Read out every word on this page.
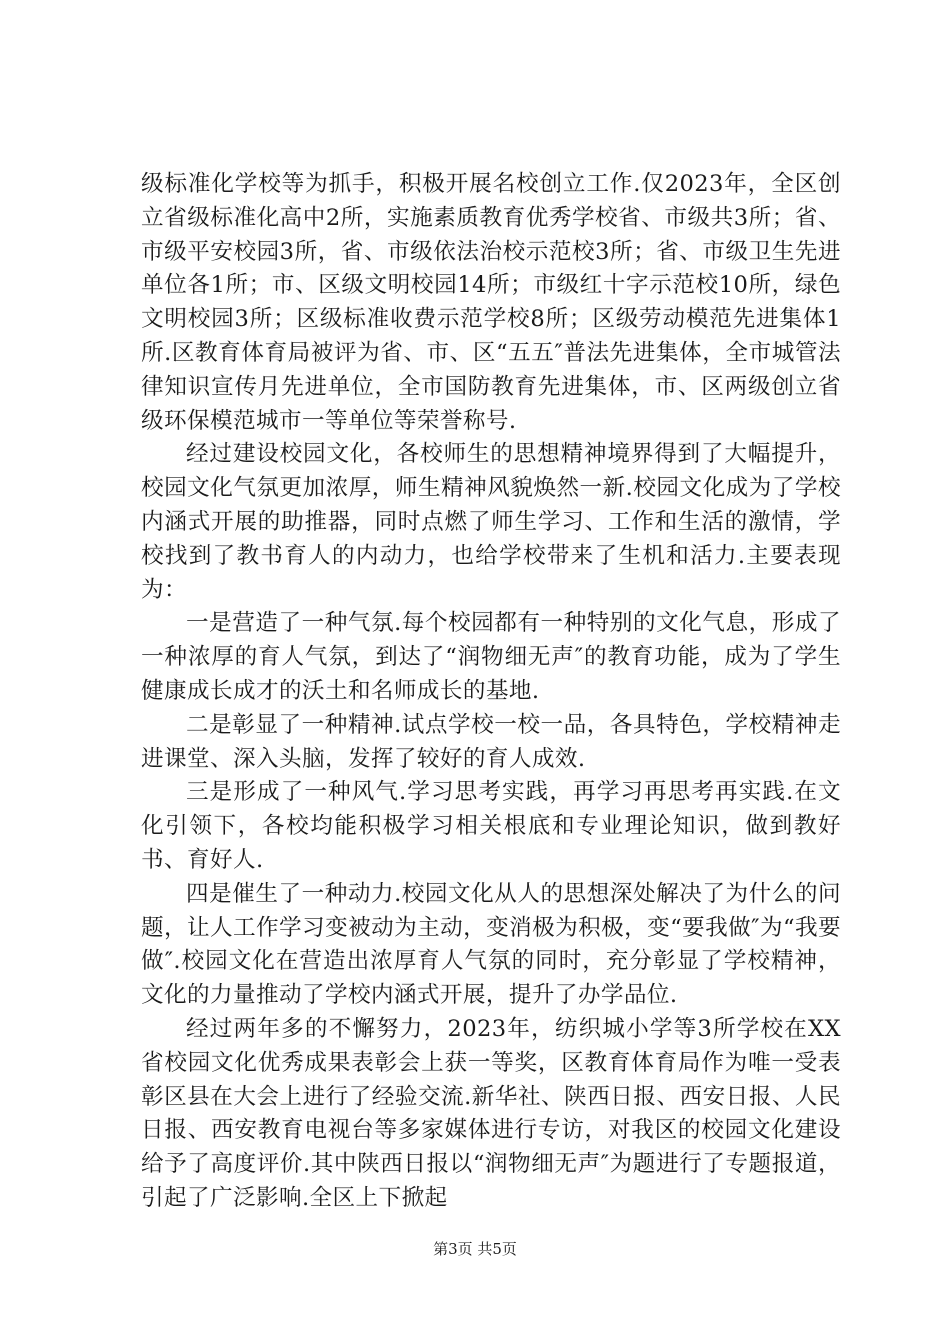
级标准化学校等为抓手，积极开展名校创立工作.仅2023年，全区创立省级标准化高中2所，实施素质教育优秀学校省、市级共3所；省、市级平安校园3所，省、市级依法治校示范校3所；省、市级卫生先进单位各1所；市、区级文明校园14所；市级红十字示范校10所，绿色文明校园3所；区级标准收费示范学校8所；区级劳动模范先进集体1所.区教育体育局被评为省、市、区“五五″普法先进集体，全市城管法律知识宣传月先进单位，全市国防教育先进集体，市、区两级创立省级环保模范城市一等单位等荣誉称号.

经过建设校园文化，各校师生的思想精神境界得到了大幅提升，校园文化气氛更加浓厚，师生精神风貌焕然一新.校园文化成为了学校内涵式开展的助推器，同时点燃了师生学习、工作和生活的激情，学校找到了教书育人的内动力，也给学校带来了生机和活力.主要表现为：

一是营造了一种气氛.每个校园都有一种特别的文化气息，形成了一种浓厚的育人气氛，到达了“润物细无声″的教育功能，成为了学生健康成长成才的沃土和名师成长的基地.

二是彰显了一种精神.试点学校一校一品，各具特色，学校精神走进课堂、深入头脑，发挥了较好的育人成效.

三是形成了一种风气.学习思考实践，再学习再思考再实践.在文化引领下，各校均能积极学习相关根底和专业理论知识，做到教好书、育好人.

四是催生了一种动力.校园文化从人的思想深处解决了为什么的问题，让人工作学习变被动为主动，变消极为积极，变“要我做″为“我要做″.校园文化在营造出浓厚育人气氛的同时，充分彰显了学校精神，文化的力量推动了学校内涵式开展，提升了办学品位.

经过两年多的不懈努力，2023年，纺织城小学等3所学校在XX省校园文化优秀成果表彰会上获一等奖，区教育体育局作为唯一受表彰区县在大会上进行了经验交流.新华社、陕西日报、西安日报、人民日报、西安教育电视台等多家媒体进行专访，对我区的校园文化建设给予了高度评价.其中陕西日报以“润物细无声″为题进行了专题报道，引起了广泛影响.全区上下掀起

第3页 共5页
